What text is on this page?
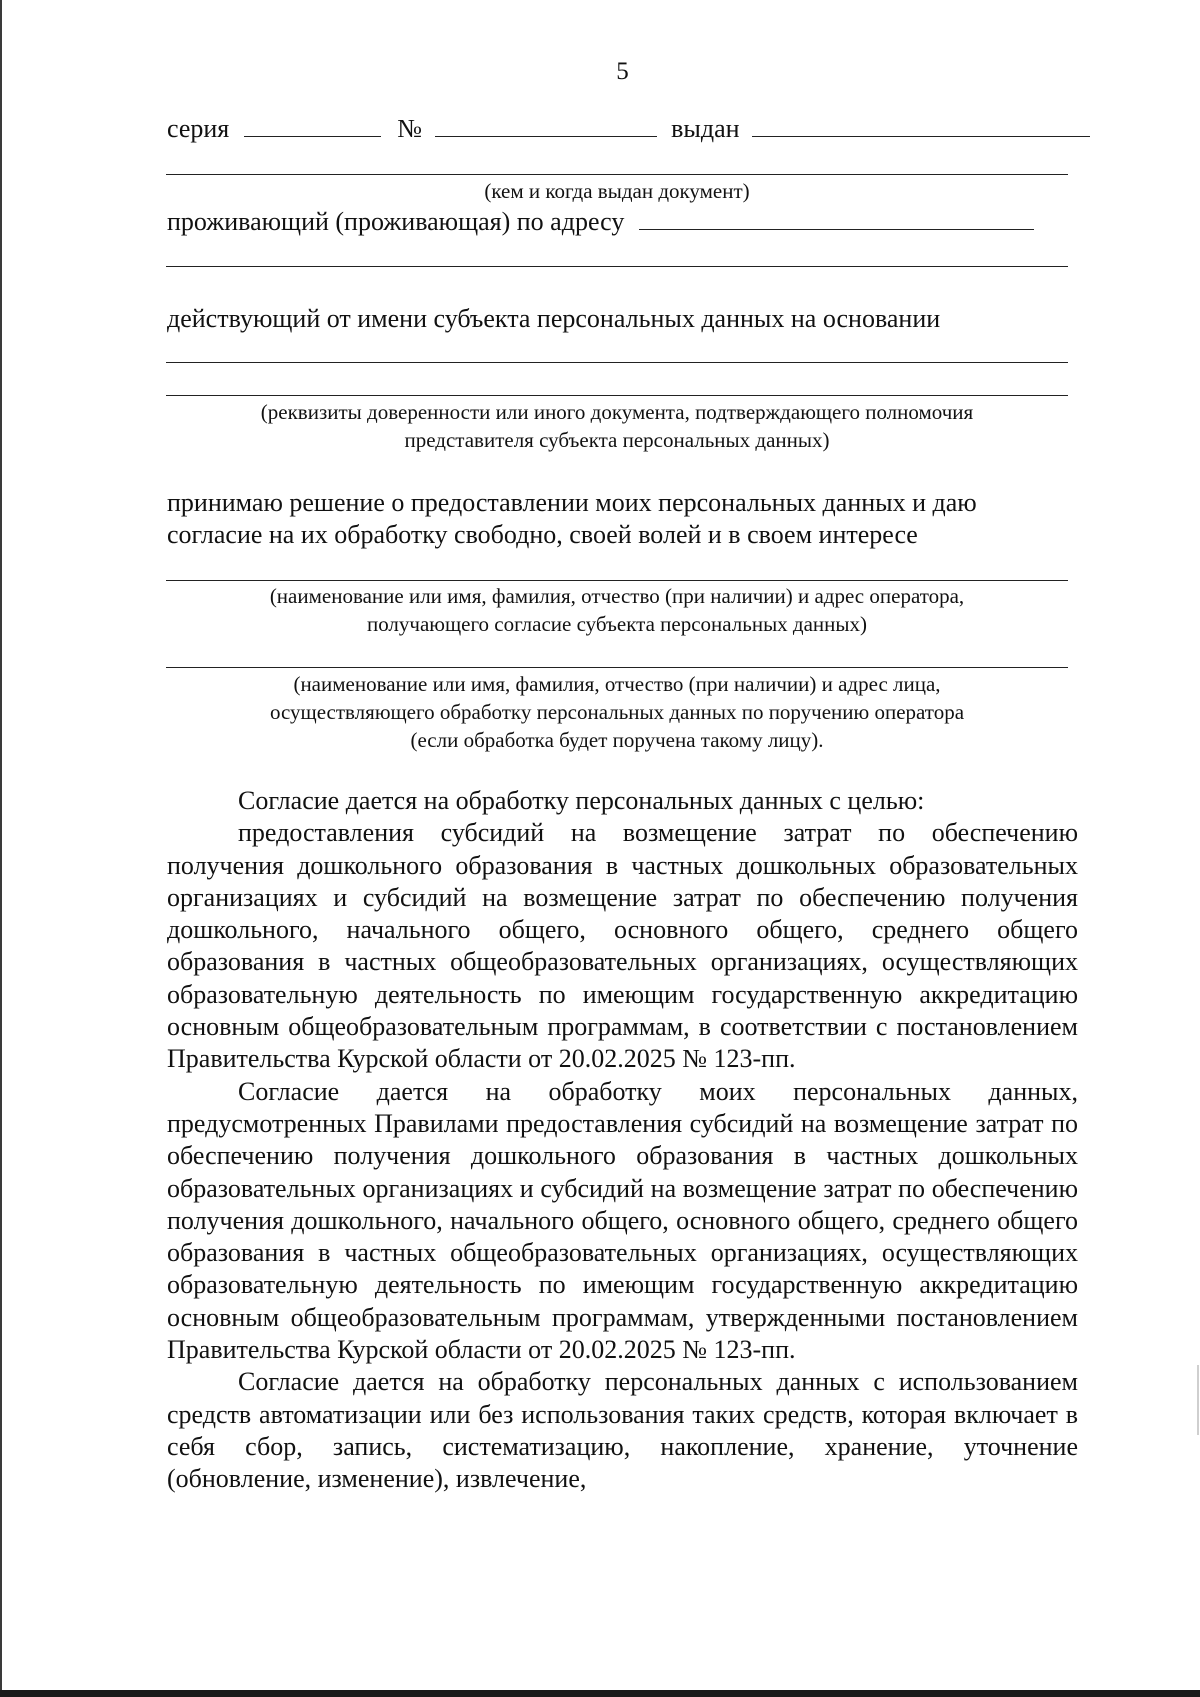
5
серия	№	выдан
(кем и когда выдан документ)
проживающий (проживающая) по адресу
действующий от имени субъекта персональных данных на основании
(реквизиты доверенности или иного документа, подтверждающего полномочия
представителя субъекта персональных данных)
принимаю решение о предоставлении моих персональных данных и даю
согласие на их обработку свободно, своей волей и в своем интересе
(наименование или имя, фамилия, отчество (при наличии) и адрес оператора,
получающего согласие субъекта персональных данных)
(наименование или имя, фамилия, отчество (при наличии) и адрес лица,
осуществляющего обработку персональных данных по поручению оператора
(если обработка будет поручена такому лицу).

Согласие дается на обработку персональных данных с целью:

предоставления субсидий на возмещение затрат по обеспечению получения дошкольного образования в частных дошкольных образовательных организациях и субсидий на возмещение затрат по обеспечению получения дошкольного, начального общего, основного общего, среднего общего образования в частных общеобразовательных организациях, осуществляющих образовательную деятельность по имеющим государственную аккредитацию основным общеобразовательным программам, в соответствии с постановлением Правительства Курской области от 20.02.2025 № 123-пп.

Согласие дается на обработку моих персональных данных, предусмотренных Правилами предоставления субсидий на возмещение затрат по обеспечению получения дошкольного образования в частных дошкольных образовательных организациях и субсидий на возмещение затрат по обеспечению получения дошкольного, начального общего, основного общего, среднего общего образования в частных общеобразовательных организациях, осуществляющих образовательную деятельность по имеющим государственную аккредитацию основным общеобразовательным программам, утвержденными постановлением Правительства Курской области от 20.02.2025 № 123-пп.

Согласие дается на обработку персональных данных с использованием средств автоматизации или без использования таких средств, которая включает в себя сбор, запись, систематизацию, накопление, хранение, уточнение (обновление, изменение), извлечение,
